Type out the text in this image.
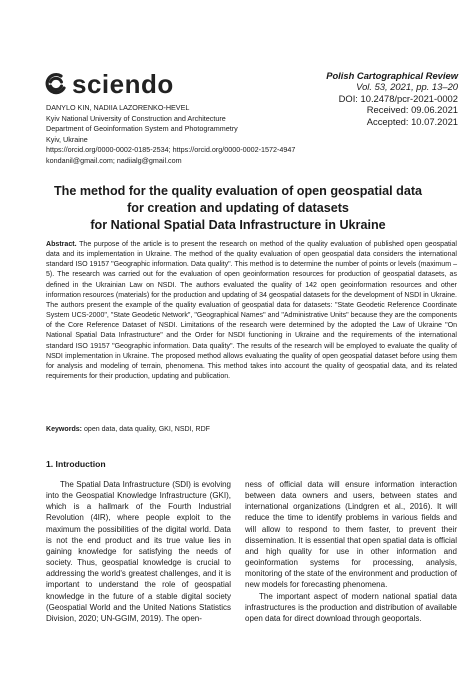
sciendo	Polish Cartographical Review
Vol. 53, 2021, pp. 13–20
DOI: 10.2478/pcr-2021-0002
Received: 09.06.2021
Accepted: 10.07.2021
DANYLO KIN, NADIIA LAZORENKO-HEVEL
Kyiv National University of Construction and Architecture
Department of Geoinformation System and Photogrammetry
Kyiv, Ukraine
https://orcid.org/0000-0002-0185-2534; https://orcid.org/0000-0002-1572-4947
kondanil@gmail.com; nadiialg@gmail.com
The method for the quality evaluation of open geospatial data
for creation and updating of datasets
for National Spatial Data Infrastructure in Ukraine
Abstract. The purpose of the article is to present the research on method of the quality evaluation of published open geospatial data and its implementation in Ukraine. The method of the quality evaluation of open geospatial data considers the international standard ISO 19157 "Geographic information. Data quality". This method is to determine the number of points or levels (maximum – 5). The research was carried out for the evaluation of open geoinformation resources for production of geospatial datasets, as defined in the Ukrainian Law on NSDI. The authors evaluated the quality of 142 open geoinformation resources and other information resources (materials) for the production and updating of 34 geospatial datasets for the development of NSDI in Ukraine. The authors present the example of the quality evaluation of geospatial data for datasets: "State Geodetic Reference Coordinate System UCS-2000", "State Geodetic Network", "Geographical Names" and "Administrative Units" because they are the components of the Core Reference Dataset of NSDI. Limitations of the research were determined by the adopted the Law of Ukraine "On National Spatial Data Infrastructure" and the Order for NSDI functioning in Ukraine and the requirements of the international standard ISO 19157 "Geographic information. Data quality". The results of the research will be employed to evaluate the quality of NSDI implementation in Ukraine. The proposed method allows evaluating the quality of open geospatial dataset before using them for analysis and modeling of terrain, phenomena. This method takes into account the quality of geospatial data, and its related requirements for their production, updating and publication.
Keywords: open data, data quality, GKI, NSDI, RDF
1. Introduction
The Spatial Data Infrastructure (SDI) is evolving into the Geospatial Knowledge Infrastructure (GKI), which is a hallmark of the Fourth Industrial Revolution (4IR), where people exploit to the maximum the possibilities of the digital world. Data is not the end product and its true value lies in gaining knowledge for satisfying the needs of society. Thus, geospatial knowledge is crucial to addressing the world's greatest challenges, and it is important to understand the role of geospatial knowledge in the future of a stable digital society (Geospatial World and the United Nations Statistics Division, 2020; UN-GGIM, 2019). The open-

ness of official data will ensure information interaction between data owners and users, between states and international organizations (Lindgren et al., 2016). It will reduce the time to identify problems in various fields and will allow to respond to them faster, to prevent their dissemination. It is essential that open spatial data is official and high quality for use in other information and geoinformation systems for processing, analysis, monitoring of the state of the environment and production of new models for forecasting phenomena.

The important aspect of modern national spatial data infrastructures is the production and distribution of available open data for direct download through geoportals.
